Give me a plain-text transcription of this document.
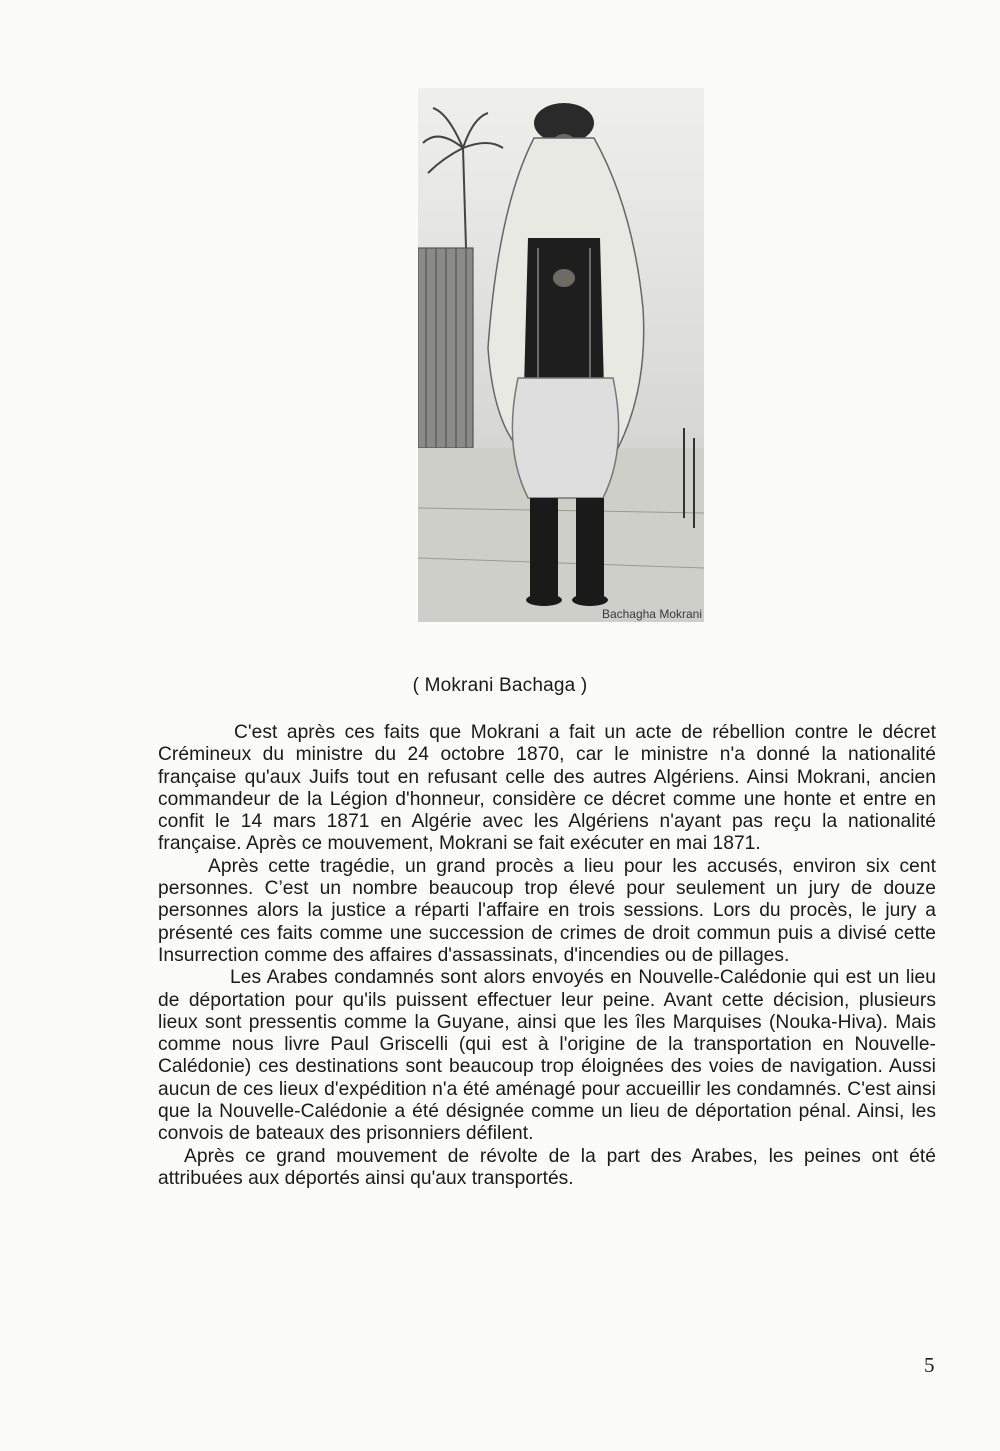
Bachagha Mokrani
( Mokrani Bachaga )

C'est après ces faits que Mokrani a fait un acte de rébellion contre le décret Crémineux du ministre du 24 octobre 1870, car le ministre n'a donné la nationalité française qu'aux Juifs tout en refusant celle des autres Algériens. Ainsi Mokrani, ancien commandeur de la Légion d'honneur, considère ce décret comme une honte et entre en confit le 14 mars 1871 en Algérie avec les Algériens n'ayant pas reçu la nationalité française. Après ce mouvement, Mokrani se fait exécuter en mai 1871.

Après cette tragédie, un grand procès a lieu pour les accusés, environ six cent personnes. C’est un nombre beaucoup trop élevé pour seulement un jury de douze personnes alors la justice a réparti l'affaire en trois sessions. Lors du procès, le jury a présenté ces faits comme une succession de crimes de droit commun puis a divisé cette Insurrection comme des affaires d'assassinats, d'incendies ou de pillages.

Les Arabes condamnés sont alors envoyés en Nouvelle-Calédonie qui est un lieu de déportation pour qu'ils puissent effectuer leur peine. Avant cette décision, plusieurs lieux sont pressentis comme la Guyane, ainsi que les îles Marquises (Nouka-Hiva). Mais comme nous livre Paul Griscelli (qui est à l'origine de la transportation en Nouvelle-Calédonie) ces destinations sont beaucoup trop éloignées des voies de navigation. Aussi aucun de ces lieux d'expédition n'a été aménagé pour accueillir les condamnés. C'est ainsi que la Nouvelle-Calédonie a été désignée comme un lieu de déportation pénal. Ainsi, les convois de bateaux des prisonniers défilent.

Après ce grand mouvement de révolte de la part des Arabes, les peines ont été attribuées aux déportés ainsi qu'aux transportés.

5
